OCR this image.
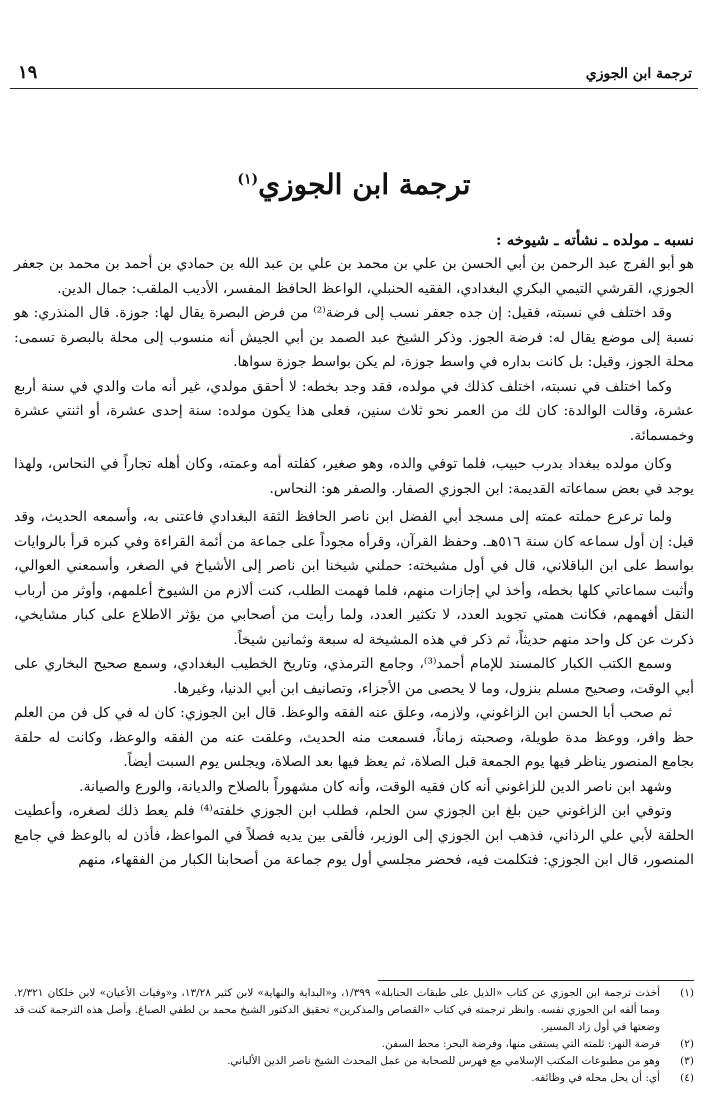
ترجمة ابن الجوزي
١٩
ترجمة ابن الجوزي$^{(١)}$

نسبه ـ مولده ـ نشأته ـ شيوخه :

هو أبو الفرج عبد الرحمن بن أبي الحسن بن علي بن محمد بن علي بن عبد الله بن حمادي بن أحمد بن محمد بن جعفر الجوزي، القرشي التيمي البكري البغدادي، الفقيه الحنبلي، الواعظ الحافظ المفسر، الأديب الملقب: جمال الدين.

وقد اختلف في نسبته، فقيل: إن جده جعفر نسب إلى فرضة⁽²⁾ من فرض البصرة يقال لها: جوزة. قال المنذري: هو نسبة إلى موضع يقال له: فرضة الجوز. وذكر الشيخ عبد الصمد بن أبي الجيش أنه منسوب إلى محلة بالبصرة تسمى: محلة الجوز، وقيل: بل كانت بداره في واسط جوزة، لم يكن بواسط جوزة سواها.

وكما اختلف في نسبته، اختلف كذلك في مولده، فقد وجد بخطه: لا أحقق مولدي، غير أنه مات والدي في سنة أربع عشرة، وقالت الوالدة: كان لك من العمر نحو ثلاث سنين، فعلى هذا يكون مولده: سنة إحدى عشرة، أو اثنتي عشرة وخمسمائة.

وكان مولده ببغداد بدرب حبيب، فلما توفي والده، وهو صغير، كفلته أمه وعمته، وكان أهله تجاراً في النحاس، ولهذا يوجد في بعض سماعاته القديمة: ابن الجوزي الصفار. والصفر هو: النحاس.

ولما ترعرع حملته عمته إلى مسجد أبي الفضل ابن ناصر الحافظ الثقة البغدادي فاعتنى به، وأسمعه الحديث، وقد قيل: إن أول سماعه كان سنة ٥١٦هـ. وحفظ القرآن، وقرأه مجوداً على جماعة من أئمة القراءة وفي كبره قرأ بالروايات بواسط على ابن الباقلاني، قال في أول مشيخته: حملني شيخنا ابن ناصر إلى الأشياخ في الصغر، وأسمعني العوالي، وأثبت سماعاتي كلها بخطه، وأخذ لي إجازات منهم، فلما فهمت الطلب، كنت ألازم من الشيوخ أعلمهم، وأوثر من أرباب النقل أفهمهم، فكانت همتي تجويد العدد، لا تكثير العدد، ولما رأيت من أصحابي من يؤثر الاطلاع على كبار مشايخي، ذكرت عن كل واحد منهم حديثاً، ثم ذكر في هذه المشيخة له سبعة وثمانين شيخاً.

وسمع الكتب الكبار كالمسند للإمام أحمد⁽³⁾، وجامع الترمذي، وتاريخ الخطيب البغدادي، وسمع صحيح البخاري على أبي الوقت، وصحيح مسلم بنزول، وما لا يحصى من الأجزاء، وتصانيف ابن أبي الدنيا، وغيرها.

ثم صحب أبا الحسن ابن الزاغوني، ولازمه، وعلق عنه الفقه والوعظ. قال ابن الجوزي: كان له في كل فن من العلم حظ وافر، ووعظ مدة طويلة، وصحبته زماناً، فسمعت منه الحديث، وعلقت عنه من الفقه والوعظ، وكانت له حلقة بجامع المنصور يناظر فيها يوم الجمعة قبل الصلاة، ثم يعظ فيها بعد الصلاة، ويجلس يوم السبت أيضاً.

وشهد ابن ناصر الدين للزاغوني أنه كان فقيه الوقت، وأنه كان مشهوراً بالصلاح والديانة، والورع والصيانة.

وتوفي ابن الزاغوني حين بلغ ابن الجوزي سن الحلم، فطلب ابن الجوزي خلفته⁽⁴⁾ فلم يعط ذلك لصغره، وأعطيت الحلقة لأبي علي الرذاني، فذهب ابن الجوزي إلى الوزير، فألقى بين يديه فصلاً في المواعظ، فأذن له بالوعظ في جامع المنصور، قال ابن الجوزي: فتكلمت فيه، فحضر مجلسي أول يوم جماعة من أصحابنا الكبار من الفقهاء، منهم

(١)
أخذت ترجمة ابن الجوزي عن كتاب «الذيل على طبقات الحنابلة» ١/٣٩٩، و«البداية والنهاية» لابن كثير ١٣/٢٨، و«وفيات الأعيان» لابن خلكان ٢/٣٢١. ومما ألفه ابن الجوزي نفسه. وانظر ترجمته في كتاب «القصاص والمذكرين» تحقيق الدكتور الشيخ محمد بن لطفي الصباغ. وأصل هذه الترجمة كنت قد وضعتها في أول زاد المسير.

(٢)
فرضة النهر: ثلمته التي يستقى منها، وفرضة البحر: محط السفن.

(٣)
وهو من مطبوعات المكتب الإسلامي مع فهرس للصحابة من عمل المحدث الشيخ ناصر الدين الألباني.

(٤)
أي: أن يحل محله في وظائفه.
